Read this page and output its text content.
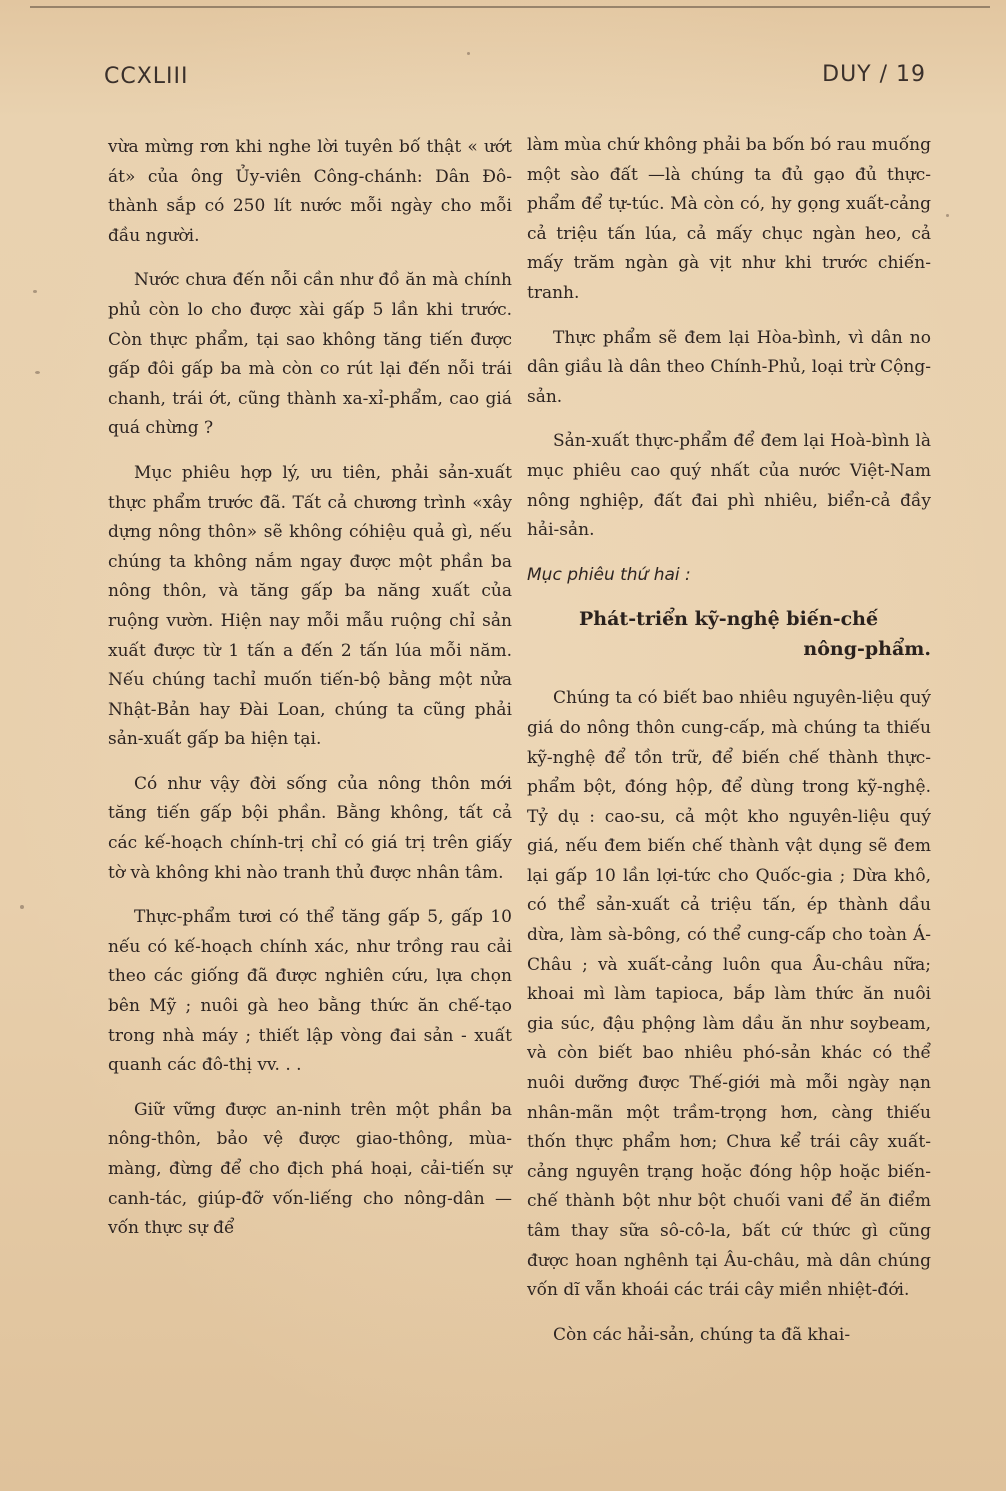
CCXLIII	DUY / 19

vừa mừng rơn khi nghe lời tuyên bố thật « ướt át» của ông Ủy-viên Công-chánh: Dân Đô-thành sắp có 250 lít nước mỗi ngày cho mỗi đầu người.

Nước chưa đến nỗi cần như đồ ăn mà chính phủ còn lo cho được xài gấp 5 lần khi trước. Còn thực phẩm, tại sao không tăng tiến được gấp đôi gấp ba mà còn co rút lại đến nỗi trái chanh, trái ớt, cũng thành xa-xỉ-phẩm, cao giá quá chừng ?

Mục phiêu hợp lý, ưu tiên, phải sản-xuất thực phẩm trước đã. Tất cả chương trình «xây dựng nông thôn» sẽ không cóhiệu quả gì, nếu chúng ta không nắm ngay được một phần ba nông thôn, và tăng gấp ba năng xuất của ruộng vườn. Hiện nay mỗi mẫu ruộng chỉ sản xuất được từ 1 tấn a đến 2 tấn lúa mỗi năm. Nếu chúng tachỉ muốn tiến-bộ bằng một nửa Nhật-Bản hay Đài Loan, chúng ta cũng phải sản-xuất gấp ba hiện tại.

Có như vậy đời sống của nông thôn mới tăng tiến gấp bội phần. Bằng không, tất cả các kế-hoạch chính-trị chỉ có giá trị trên giấy tờ và không khi nào tranh thủ được nhân tâm.

Thực-phẩm tươi có thể tăng gấp 5, gấp 10 nếu có kế-hoạch chính xác, như trồng rau cải theo các giống đã được nghiên cứu, lựa chọn bên Mỹ ; nuôi gà heo bằng thức ăn chế-tạo trong nhà máy ; thiết lập vòng đai sản - xuất quanh các đô-thị vv. . .

Giữ vững được an-ninh trên một phần ba nông-thôn, bảo vệ được giao-thông, mùa-màng, đừng để cho địch phá hoại, cải-tiến sự canh-tác, giúp-đỡ vốn-liếng cho nông-dân — vốn thực sự để

làm mùa chứ không phải ba bốn bó rau muống một sào đất —là chúng ta đủ gạo đủ thực-phẩm để tự-túc. Mà còn có, hy gọng xuất-cảng cả triệu tấn lúa, cả mấy chục ngàn heo, cả mấy trăm ngàn gà vịt như khi trước chiến-tranh.

Thực phẩm sẽ đem lại Hòa-bình, vì dân no dân giầu là dân theo Chính-Phủ, loại trừ Cộng-sản.

Sản-xuất thực-phẩm để đem lại Hoà-bình là mục phiêu cao quý nhất của nước Việt-Nam nông nghiệp, đất đai phì nhiêu, biển-cả đầy hải-sản.

Mục phiêu thứ hai :
Phát-triển kỹ-nghệ biến-chế
nông-phẩm.

Chúng ta có biết bao nhiêu nguyên-liệu quý giá do nông thôn cung-cấp, mà chúng ta thiếu kỹ-nghệ để tồn trữ, để biến chế thành thực-phẩm bột, đóng hộp, để dùng trong kỹ-nghệ. Tỷ dụ : cao-su, cả một kho nguyên-liệu quý giá, nếu đem biến chế thành vật dụng sẽ đem lại gấp 10 lần lợi-tức cho Quốc-gia ; Dừa khô, có thể sản-xuất cả triệu tấn, ép thành dầu dừa, làm sà-bông, có thể cung-cấp cho toàn Á-Châu ; và xuất-cảng luôn qua Âu-châu nữa; khoai mì làm tapioca, bắp làm thức ăn nuôi gia súc, đậu phộng làm dầu ăn như soybeam, và còn biết bao nhiêu phó-sản khác có thể nuôi dưỡng được Thế-giới mà mỗi ngày nạn nhân-mãn một trầm-trọng hơn, càng thiếu thốn thực phẩm hơn; Chưa kể trái cây xuất-cảng nguyên trạng hoặc đóng hộp hoặc biến- chế thành bột như bột chuối vani để ăn điểm tâm thay sữa sô-cô-la, bất cứ thức gì cũng được hoan nghênh tại Âu-châu, mà dân chúng vốn dĩ vẫn khoái các trái cây miền nhiệt-đới.

Còn các hải-sản, chúng ta đã khai-
